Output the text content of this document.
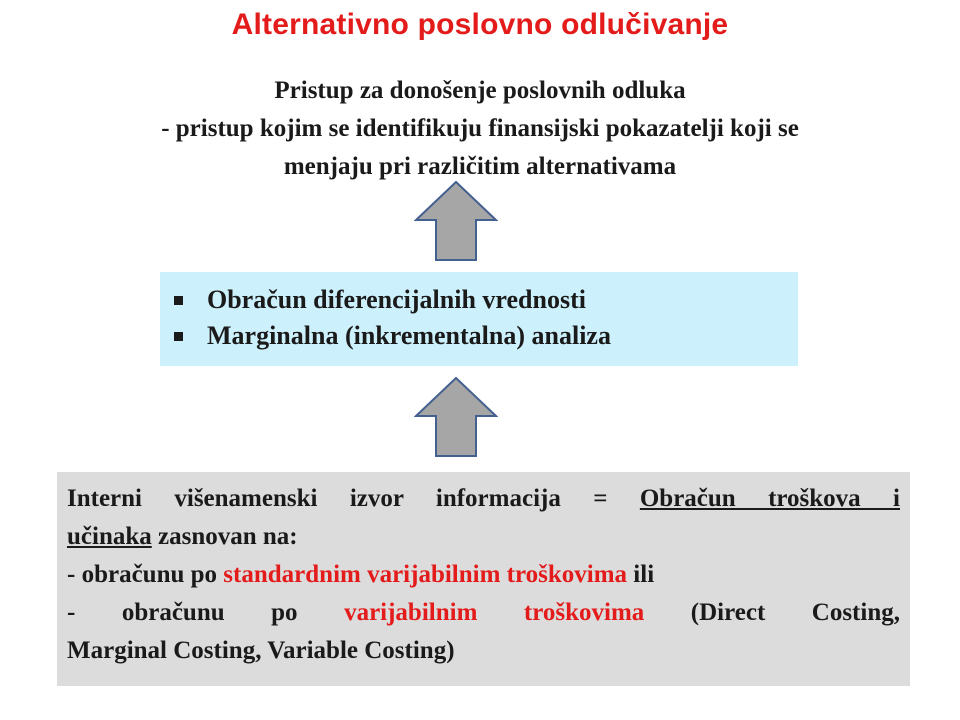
Alternativno poslovno odlučivanje
Pristup za donošenje poslovnih odluka
- pristup kojim se identifikuju finansijski pokazatelji koji se
menjaju pri različitim alternativama
Obračun diferencijalnih vrednosti
Marginalna (inkrementalna) analiza
Interni višenamenski izvor informacija = Obračun troškova i
učinaka zasnovan na:
- obračunu po standardnim varijabilnim troškovima ili
- obračunu po varijabilnim troškovima (Direct Costing,
Marginal Costing, Variable Costing)
